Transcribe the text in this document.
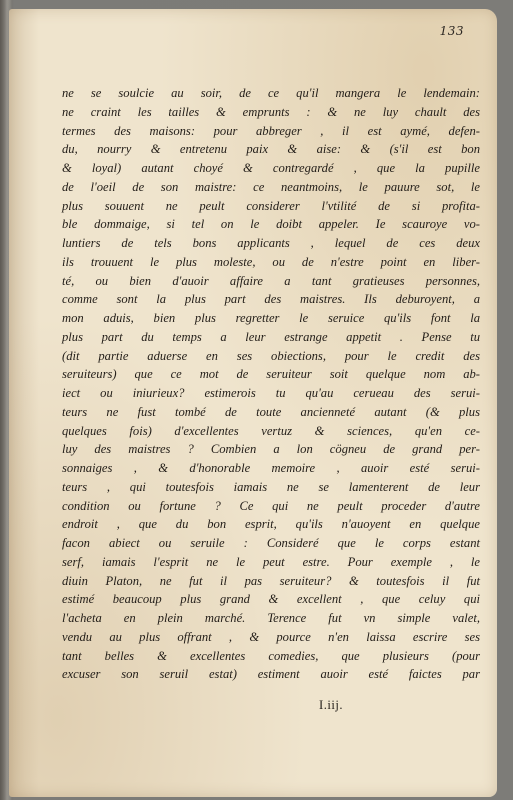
133
ne se soulcie au soir, de ce qu'il mangera le lendemain:
ne craint les tailles & emprunts : & ne luy chault des
termes des maisons: pour abbreger , il est aymé, defen-
du, nourry & entretenu paix & aise: & (s'il est bon
& loyal) autant choyé & contregardé , que la pupille
de l'oeil de son maistre: ce neantmoins, le pauure sot, le
plus souuent ne peult considerer l'vtilité de si profita-
ble dommaige, si tel on le doibt appeler. Ie scauroye vo-
luntiers de tels bons applicants , lequel de ces deux
ils trouuent le plus moleste, ou de n'estre point en liber-
té, ou bien d'auoir affaire a tant gratieuses personnes,
comme sont la plus part des maistres. Ils deburoyent, a
mon aduis, bien plus regretter le seruice qu'ils font la
plus part du temps a leur estrange appetit . Pense tu
(dit partie aduerse en ses obiections, pour le credit des
seruiteurs) que ce mot de seruiteur soit quelque nom ab-
iect ou iniurieux? estimerois tu qu'au cerueau des serui-
teurs ne fust tombé de toute ancienneté autant (& plus
quelques fois) d'excellentes vertuz & sciences, qu'en ce-
luy des maistres ? Combien a lon cögneu de grand per-
sonnaiges , & d'honorable memoire , auoir esté serui-
teurs , qui toutesfois iamais ne se lamenterent de leur
condition ou fortune ? Ce qui ne peult proceder d'autre
endroit , que du bon esprit, qu'ils n'auoyent en quelque
facon abiect ou seruile : Consideré que le corps estant
serf, iamais l'esprit ne le peut estre. Pour exemple , le
diuin Platon, ne fut il pas seruiteur? & toutesfois il fut
estimé beaucoup plus grand & excellent , que celuy qui
l'acheta en plein marché. Terence fut vn simple valet,
vendu au plus offrant , & pource n'en laissa escrire ses
tant belles & excellentes comedies, que plusieurs (pour
excuser son seruil estat) estiment auoir esté faictes par
I.iij.
